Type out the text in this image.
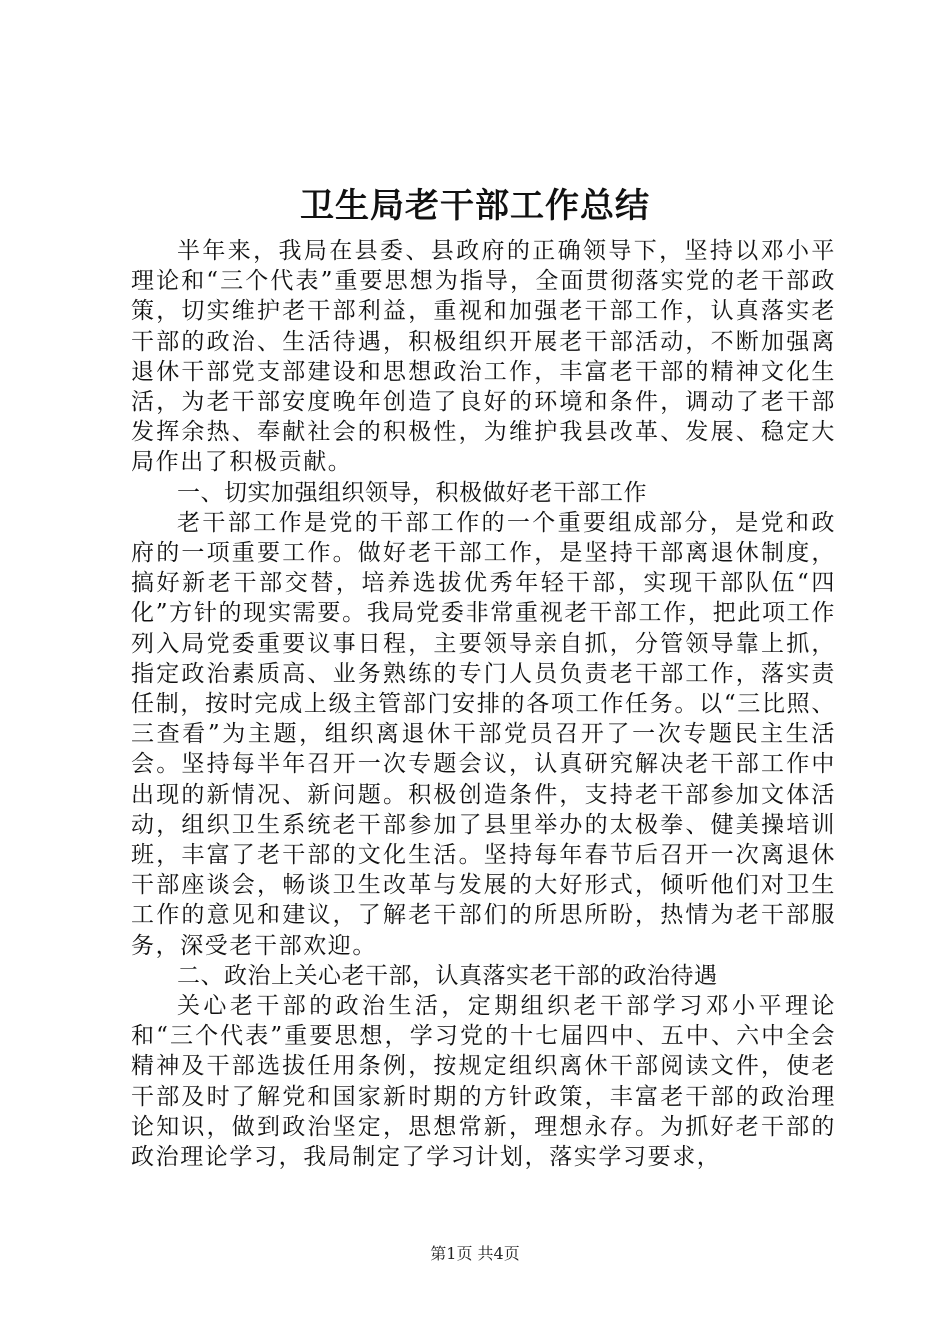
卫生局老干部工作总结

半年来，我局在县委、县政府的正确领导下，坚持以邓小平理论和“三个代表”重要思想为指导，全面贯彻落实党的老干部政策，切实维护老干部利益，重视和加强老干部工作，认真落实老干部的政治、生活待遇，积极组织开展老干部活动，不断加强离退休干部党支部建设和思想政治工作，丰富老干部的精神文化生活，为老干部安度晚年创造了良好的环境和条件，调动了老干部发挥余热、奉献社会的积极性，为维护我县改革、发展、稳定大局作出了积极贡献。

一、切实加强组织领导，积极做好老干部工作

老干部工作是党的干部工作的一个重要组成部分，是党和政府的一项重要工作。做好老干部工作，是坚持干部离退休制度，搞好新老干部交替，培养选拔优秀年轻干部，实现干部队伍“四化”方针的现实需要。我局党委非常重视老干部工作，把此项工作列入局党委重要议事日程，主要领导亲自抓，分管领导靠上抓，指定政治素质高、业务熟练的专门人员负责老干部工作，落实责任制，按时完成上级主管部门安排的各项工作任务。以“三比照、三查看”为主题，组织离退休干部党员召开了一次专题民主生活会。坚持每半年召开一次专题会议，认真研究解决老干部工作中出现的新情况、新问题。积极创造条件，支持老干部参加文体活动，组织卫生系统老干部参加了县里举办的太极拳、健美操培训班，丰富了老干部的文化生活。坚持每年春节后召开一次离退休干部座谈会，畅谈卫生改革与发展的大好形式，倾听他们对卫生工作的意见和建议，了解老干部们的所思所盼，热情为老干部服务，深受老干部欢迎。

二、政治上关心老干部，认真落实老干部的政治待遇

关心老干部的政治生活，定期组织老干部学习邓小平理论和“三个代表”重要思想，学习党的十七届四中、五中、六中全会精神及干部选拔任用条例，按规定组织离休干部阅读文件，使老干部及时了解党和国家新时期的方针政策，丰富老干部的政治理论知识，做到政治坚定，思想常新，理想永存。为抓好老干部的政治理论学习，我局制定了学习计划，落实学习要求，

第1页 共4页
